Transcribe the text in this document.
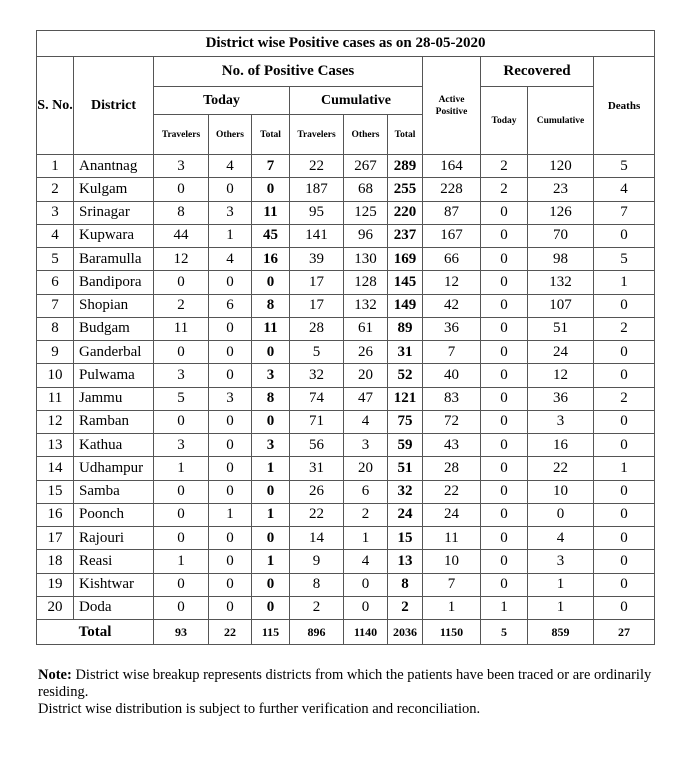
District wise Positive cases as on 28-05-2020											
S. No.	District	No. of Positive Cases						Active Positive	Recovered		Deaths
		Today			Cumulative				Today	Cumulative	
		Travelers	Others	Total	Travelers	Others	Total				
1	Anantnag	3	4	7	22	267	289	164	2	120	5
2	Kulgam	0	0	0	187	68	255	228	2	23	4
3	Srinagar	8	3	11	95	125	220	87	0	126	7
4	Kupwara	44	1	45	141	96	237	167	0	70	0
5	Baramulla	12	4	16	39	130	169	66	0	98	5
6	Bandipora	0	0	0	17	128	145	12	0	132	1
7	Shopian	2	6	8	17	132	149	42	0	107	0
8	Budgam	11	0	11	28	61	89	36	0	51	2
9	Ganderbal	0	0	0	5	26	31	7	0	24	0
10	Pulwama	3	0	3	32	20	52	40	0	12	0
11	Jammu	5	3	8	74	47	121	83	0	36	2
12	Ramban	0	0	0	71	4	75	72	0	3	0
13	Kathua	3	0	3	56	3	59	43	0	16	0
14	Udhampur	1	0	1	31	20	51	28	0	22	1
15	Samba	0	0	0	26	6	32	22	0	10	0
16	Poonch	0	1	1	22	2	24	24	0	0	0
17	Rajouri	0	0	0	14	1	15	11	0	4	0
18	Reasi	1	0	1	9	4	13	10	0	3	0
19	Kishtwar	0	0	0	8	0	8	7	0	1	0
20	Doda	0	0	0	2	0	2	1	1	1	0
Total		93	22	115	896	1140	2036	1150	5	859	27
Note: District wise breakup represents districts from which the patients have been traced or are ordinarily residing.
District wise distribution is subject to further verification and reconciliation.
